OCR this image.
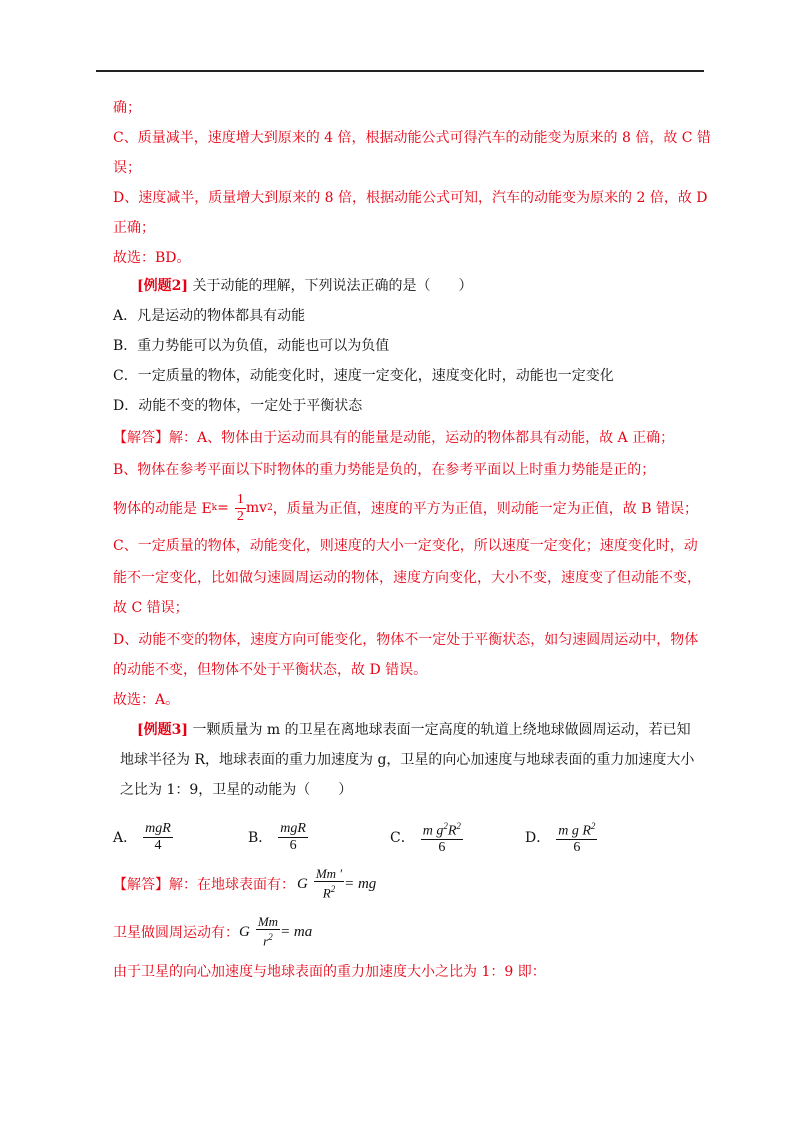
确；
C、质量减半，速度增大到原来的 4 倍，根据动能公式可得汽车的动能变为原来的 8 倍，故 C 错
误；
D、速度减半，质量增大到原来的 8 倍，根据动能公式可知，汽车的动能变为原来的 2 倍，故 D
正确；
故选：BD。
[例题2] 关于动能的理解，下列说法正确的是（　　）
A．凡是运动的物体都具有动能
B．重力势能可以为负值，动能也可以为负值
C．一定质量的物体，动能变化时，速度一定变化，速度变化时，动能也一定变化
D．动能不变的物体，一定处于平衡状态
【解答】解：A、物体由于运动而具有的能量是动能，运动的物体都具有动能，故 A 正确；
B、物体在参考平面以下时物体的重力势能是负的，在参考平面以上时重力势能是正的；
物体的动能是 E $k = \frac{1}{2}$ mv 2 ，质量为正值，速度的平方为正值，则动能一定为正值，故 B 错误；
C、一定质量的物体，动能变化，则速度的大小一定变化，所以速度一定变化；速度变化时，动
能不一定变化，比如做匀速圆周运动的物体，速度方向变化，大小不变，速度变了但动能不变，
故 C 错误；
D、动能不变的物体，速度方向可能变化，物体不一定处于平衡状态，如匀速圆周运动中，物体
的动能不变，但物体不处于平衡状态，故 D 错误。
故选：A。
[例题3] 一颗质量为 m 的卫星在离地球表面一定高度的轨道上绕地球做圆周运动，若已知
地球半径为 R，地球表面的重力加速度为 g，卫星的向心加速度与地球表面的重力加速度大小
之比为 1：9，卫星的动能为（　　）
A． $\frac{\text{mgR}}{4}$	B． $\frac{\text{mgR}}{6}$	C． $\frac{m g^2R^2}{6}$	D． $\frac{m g R^2}{6}$
【解答】 解：在地球表面有： G $\frac{Mm '}{R^2}$ = mg
卫星做圆周运动有： G $\frac{Mm}{r^2}$ = ma
由于卫星的向心加速度与地球表面的重力加速度大小之比为 1：9 即：
